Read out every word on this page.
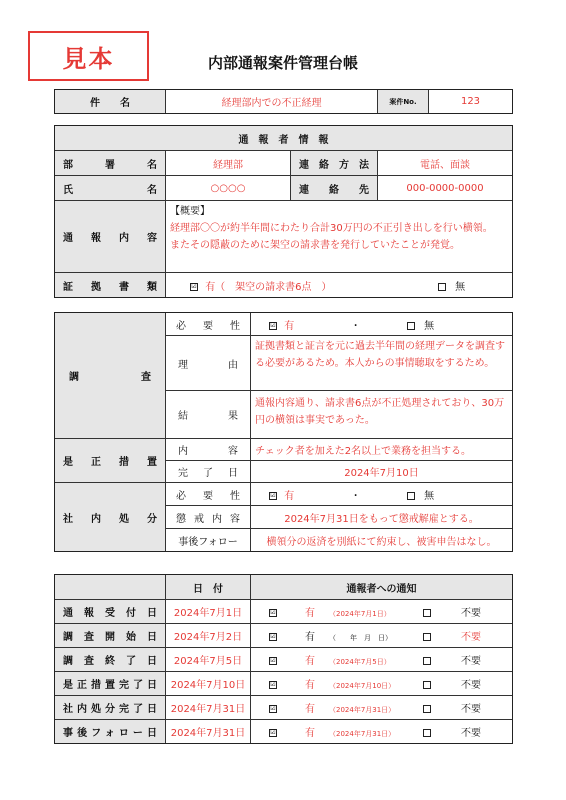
見本	内部通報案件管理台帳
件　　名	経理部内での不正経理	案件No.	123
通　報　者　情　報			
部署名	経理部	連絡方法	電話、面談
氏名	○○○○	連絡先	000-0000-0000
通報内容	【概要】
経理部〇〇が約半年間にわたり合計30万円の不正引き出しを行い横領。
またその隠蔽のために架空の請求書を発行していたことが発覚。		

証拠書類	☑ 有（　架空の請求書6点　） 無		
調査	必要性	☑ 有 ・ 無
	理由	証拠書類と証言を元に過去半年間の経理データを調査する必要があるため。本人からの事情聴取をするため。
	結果	通報内容通り、請求書6点が不正処理されており、30万円の横領は事実であった。
是正措置	内容	チェック者を加えた2名以上で業務を担当する。
	完了日	2024年7月10日
社内処分	必要性	☑ 有 ・ 無
	懲戒内容	2024年7月31日をもって懲戒解雇とする。
	事後フォロー	横領分の返済を別紙にて約束し、被害申告はなし。
	日　付	通報者への通知
通報受付日	2024年7月1日	☑ 有 （2024年7月1日） 不要
調査開始日	2024年7月2日	☑ 有 （　　年　月　日） 不要
調査終了日	2024年7月5日	☑ 有 （2024年7月5日） 不要
是正措置完了日	2024年7月10日	☑ 有 （2024年7月10日） 不要
社内処分完了日	2024年7月31日	☑ 有 （2024年7月31日） 不要
事後フォロー日	2024年7月31日	☑ 有 （2024年7月31日） 不要
